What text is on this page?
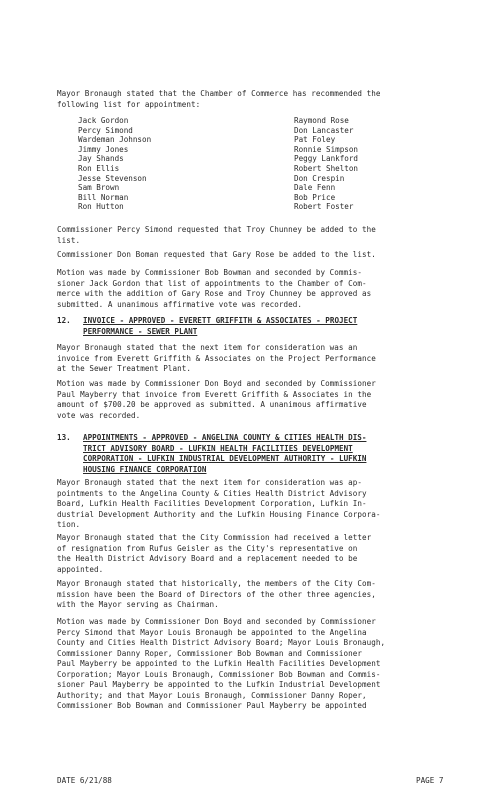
Mayor Bronaugh stated that the Chamber of Commerce has recommended the
following list for appointment:
Jack Gordon
Percy Simond
Wardeman Johnson
Jimmy Jones
Jay Shands
Ron Ellis
Jesse Stevenson
Sam Brown
Bill Norman
Ron Hutton
Raymond Rose
Don Lancaster
Pat Foley
Ronnie Simpson
Peggy Lankford
Robert Shelton
Don Crespin
Dale Fenn
Bob Price
Robert Foster
Commissioner Percy Simond requested that Troy Chunney be added to the
list.
Commissioner Don Boman requested that Gary Rose be added to the list.
Motion was made by Commissioner Bob Bowman and seconded by Commis-
sioner Jack Gordon that list of appointments to the Chamber of Com-
merce with the addition of Gary Rose and Troy Chunney be approved as
submitted. A unanimous affirmative vote was recorded.
12. INVOICE - APPROVED - EVERETT GRIFFITH & ASSOCIATES - PROJECT
PERFORMANCE - SEWER PLANT
Mayor Bronaugh stated that the next item for consideration was an
invoice from Everett Griffith & Associates on the Project Performance
at the Sewer Treatment Plant.
Motion was made by Commissioner Don Boyd and seconded by Commissioner
Paul Mayberry that invoice from Everett Griffith & Associates in the
amount of $700.20 be approved as submitted. A unanimous affirmative
vote was recorded.
13. APPOINTMENTS - APPROVED - ANGELINA COUNTY & CITIES HEALTH DIS-
TRICT ADVISORY BOARD - LUFKIN HEALTH FACILITIES DEVELOPMENT
CORPORATION - LUFKIN INDUSTRIAL DEVELOPMENT AUTHORITY - LUFKIN
HOUSING FINANCE CORPORATION
Mayor Bronaugh stated that the next item for consideration was ap-
pointments to the Angelina County & Cities Health District Advisory
Board, Lufkin Health Facilities Development Corporation, Lufkin In-
dustrial Development Authority and the Lufkin Housing Finance Corpora-
tion.
Mayor Bronaugh stated that the City Commission had received a letter
of resignation from Rufus Geisler as the City's representative on
the Health District Advisory Board and a replacement needed to be
appointed.
Mayor Bronaugh stated that historically, the members of the City Com-
mission have been the Board of Directors of the other three agencies,
with the Mayor serving as Chairman.
Motion was made by Commissioner Don Boyd and seconded by Commissioner
Percy Simond that Mayor Louis Bronaugh be appointed to the Angelina
County and Cities Health District Advisory Board; Mayor Louis Bronaugh,
Commissioner Danny Roper, Commissioner Bob Bowman and Commissioner
Paul Mayberry be appointed to the Lufkin Health Facilities Development
Corporation; Mayor Louis Bronaugh, Commissioner Bob Bowman and Commis-
sioner Paul Mayberry be appointed to the Lufkin Industrial Development
Authority; and that Mayor Louis Bronaugh, Commissioner Danny Roper,
Commissioner Bob Bowman and Commissioner Paul Mayberry be appointed
DATE 6/21/88	PAGE 7
